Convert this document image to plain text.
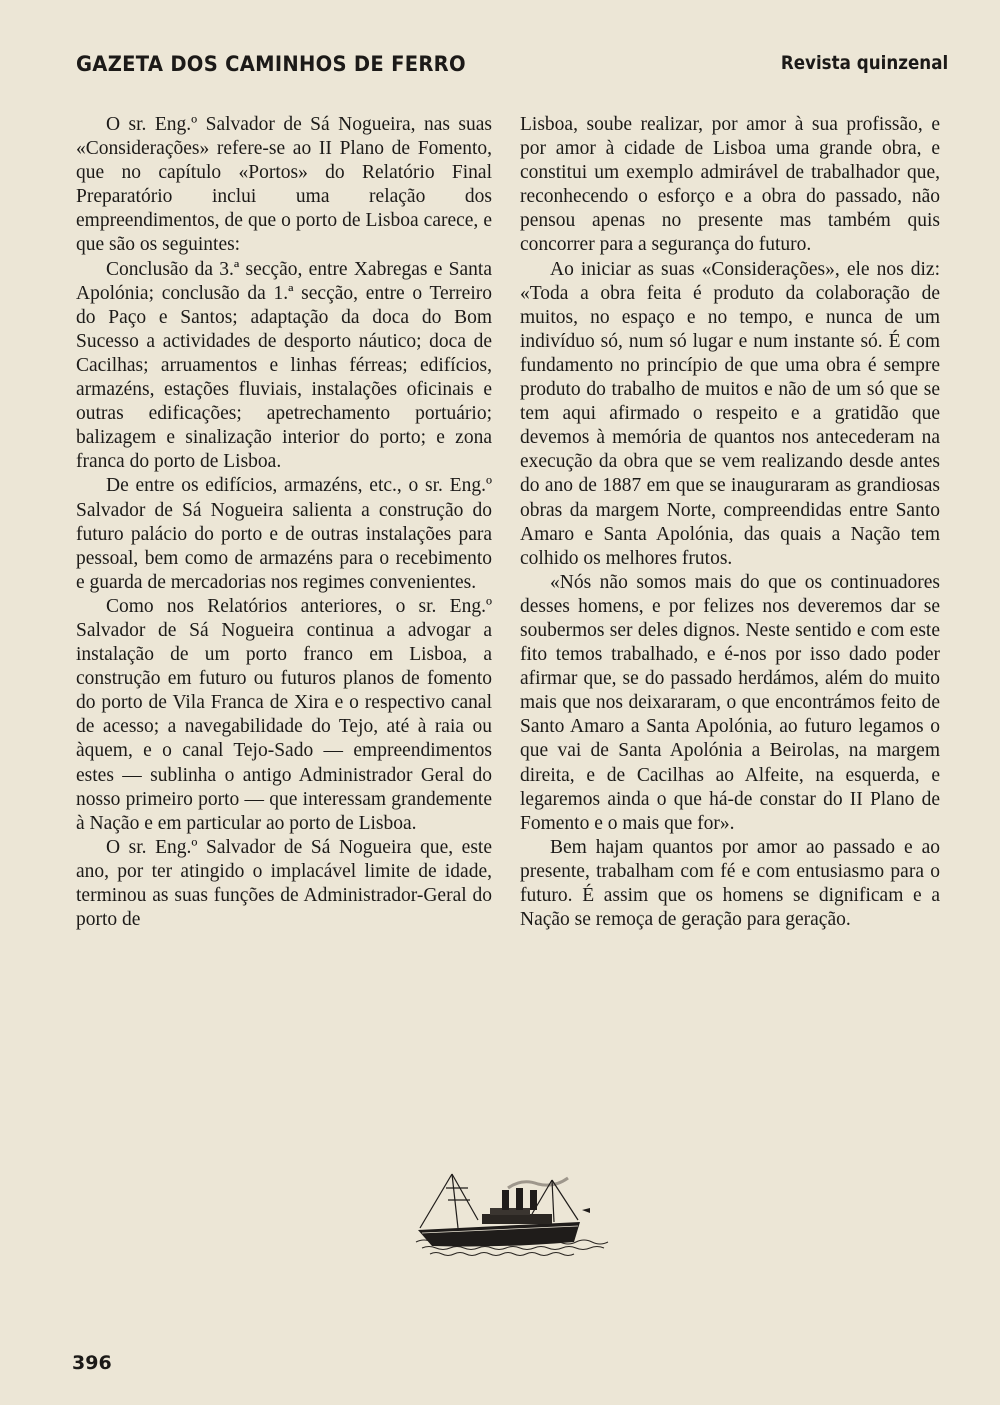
GAZETA DOS CAMINHOS DE FERRO	Revista quinzenal

O sr. Eng.º Salvador de Sá Nogueira, nas suas «Considerações» refere-se ao II Plano de Fomento, que no capítulo «Portos» do Relatório Final Preparatório inclui uma relação dos empreendimentos, de que o porto de Lisboa carece, e que são os seguintes:

Conclusão da 3.ª secção, entre Xabregas e Santa Apolónia; conclusão da 1.ª secção, entre o Terreiro do Paço e Santos; adaptação da doca do Bom Sucesso a actividades de desporto náutico; doca de Cacilhas; arruamentos e linhas férreas; edifícios, armazéns, estações fluviais, instalações oficinais e outras edificações; apetrechamento portuário; balizagem e sinalização interior do porto; e zona franca do porto de Lisboa.

De entre os edifícios, armazéns, etc., o sr. Eng.º Salvador de Sá Nogueira salienta a construção do futuro palácio do porto e de outras instalações para pessoal, bem como de armazéns para o recebimento e guarda de mercadorias nos regimes convenientes.

Como nos Relatórios anteriores, o sr. Eng.º Salvador de Sá Nogueira continua a advogar a instalação de um porto franco em Lisboa, a construção em futuro ou futuros planos de fomento do porto de Vila Franca de Xira e o respectivo canal de acesso; a navegabilidade do Tejo, até à raia ou àquem, e o canal Tejo-Sado — empreendimentos estes — sublinha o antigo Administrador Geral do nosso primeiro porto — que interessam grandemente à Nação e em particular ao porto de Lisboa.

O sr. Eng.º Salvador de Sá Nogueira que, este ano, por ter atingido o implacável limite de idade, terminou as suas funções de Administrador-Geral do porto de

Lisboa, soube realizar, por amor à sua profissão, e por amor à cidade de Lisboa uma grande obra, e constitui um exemplo admirável de trabalhador que, reconhecendo o esforço e a obra do passado, não pensou apenas no presente mas também quis concorrer para a segurança do futuro.

Ao iniciar as suas «Considerações», ele nos diz: «Toda a obra feita é produto da colaboração de muitos, no espaço e no tempo, e nunca de um indivíduo só, num só lugar e num instante só. É com fundamento no princípio de que uma obra é sempre produto do trabalho de muitos e não de um só que se tem aqui afirmado o respeito e a gratidão que devemos à memória de quantos nos antecederam na execução da obra que se vem realizando desde antes do ano de 1887 em que se inauguraram as grandiosas obras da margem Norte, compreendidas entre Santo Amaro e Santa Apolónia, das quais a Nação tem colhido os melhores frutos.

«Nós não somos mais do que os continuadores desses homens, e por felizes nos deveremos dar se soubermos ser deles dignos. Neste sentido e com este fito temos trabalhado, e é-nos por isso dado poder afirmar que, se do passado herdámos, além do muito mais que nos deixararam, o que encontrámos feito de Santo Amaro a Santa Apolónia, ao futuro legamos o que vai de Santa Apolónia a Beirolas, na margem direita, e de Cacilhas ao Alfeite, na esquerda, e legaremos ainda o que há-de constar do II Plano de Fomento e o mais que for».

Bem hajam quantos por amor ao passado e ao presente, trabalham com fé e com entusiasmo para o futuro. É assim que os homens se dignificam e a Nação se remoça de geração para geração.

396
